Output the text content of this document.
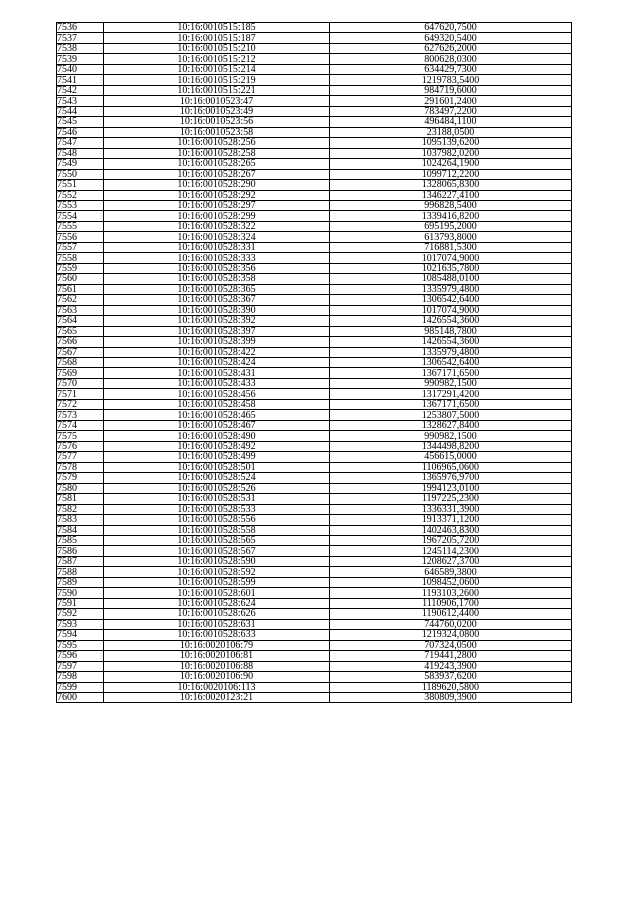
7536	10:16:0010515:185	647620,7500
7537	10:16:0010515:187	649320,5400
7538	10:16:0010515:210	627626,2000
7539	10:16:0010515:212	800628,0300
7540	10:16:0010515:214	634429,7300
7541	10:16:0010515:219	1219783,5400
7542	10:16:0010515:221	984719,6000
7543	10:16:0010523:47	291601,2400
7544	10:16:0010523:49	783497,2200
7545	10:16:0010523:56	496484,1100
7546	10:16:0010523:58	23188,0500
7547	10:16:0010528:256	1095139,6200
7548	10:16:0010528:258	1037982,0200
7549	10:16:0010528:265	1024264,1900
7550	10:16:0010528:267	1099712,2200
7551	10:16:0010528:290	1328065,8300
7552	10:16:0010528:292	1346227,4100
7553	10:16:0010528:297	996828,5400
7554	10:16:0010528:299	1339416,8200
7555	10:16:0010528:322	695195,2000
7556	10:16:0010528:324	613793,8000
7557	10:16:0010528:331	716881,5300
7558	10:16:0010528:333	1017074,9000
7559	10:16:0010528:356	1021635,7800
7560	10:16:0010528:358	1085488,0100
7561	10:16:0010528:365	1335979,4800
7562	10:16:0010528:367	1306542,6400
7563	10:16:0010528:390	1017074,9000
7564	10:16:0010528:392	1426554,3600
7565	10:16:0010528:397	985148,7800
7566	10:16:0010528:399	1426554,3600
7567	10:16:0010528:422	1335979,4800
7568	10:16:0010528:424	1306542,6400
7569	10:16:0010528:431	1367171,6500
7570	10:16:0010528:433	990982,1500
7571	10:16:0010528:456	1317291,4200
7572	10:16:0010528:458	1367171,6500
7573	10:16:0010528:465	1253807,5000
7574	10:16:0010528:467	1328627,8400
7575	10:16:0010528:490	990982,1500
7576	10:16:0010528:492	1344498,8200
7577	10:16:0010528:499	456615,0000
7578	10:16:0010528:501	1106965,0600
7579	10:16:0010528:524	1365976,9700
7580	10:16:0010528:526	1994123,0100
7581	10:16:0010528:531	1197225,2300
7582	10:16:0010528:533	1336331,3900
7583	10:16:0010528:556	1913371,1200
7584	10:16:0010528:558	1402463,8300
7585	10:16:0010528:565	1967205,7200
7586	10:16:0010528:567	1245114,2300
7587	10:16:0010528:590	1208627,3700
7588	10:16:0010528:592	646589,3800
7589	10:16:0010528:599	1098452,0600
7590	10:16:0010528:601	1193103,2600
7591	10:16:0010528:624	1110906,1700
7592	10:16:0010528:626	1190612,4400
7593	10:16:0010528:631	744760,0200
7594	10:16:0010528:633	1219324,0800
7595	10:16:0020106:79	707324,0500
7596	10:16:0020106:81	719441,2800
7597	10:16:0020106:88	419243,3900
7598	10:16:0020106:90	583937,6200
7599	10:16:0020106:113	1189620,5800
7600	10:16:0020123:21	380809,3900
